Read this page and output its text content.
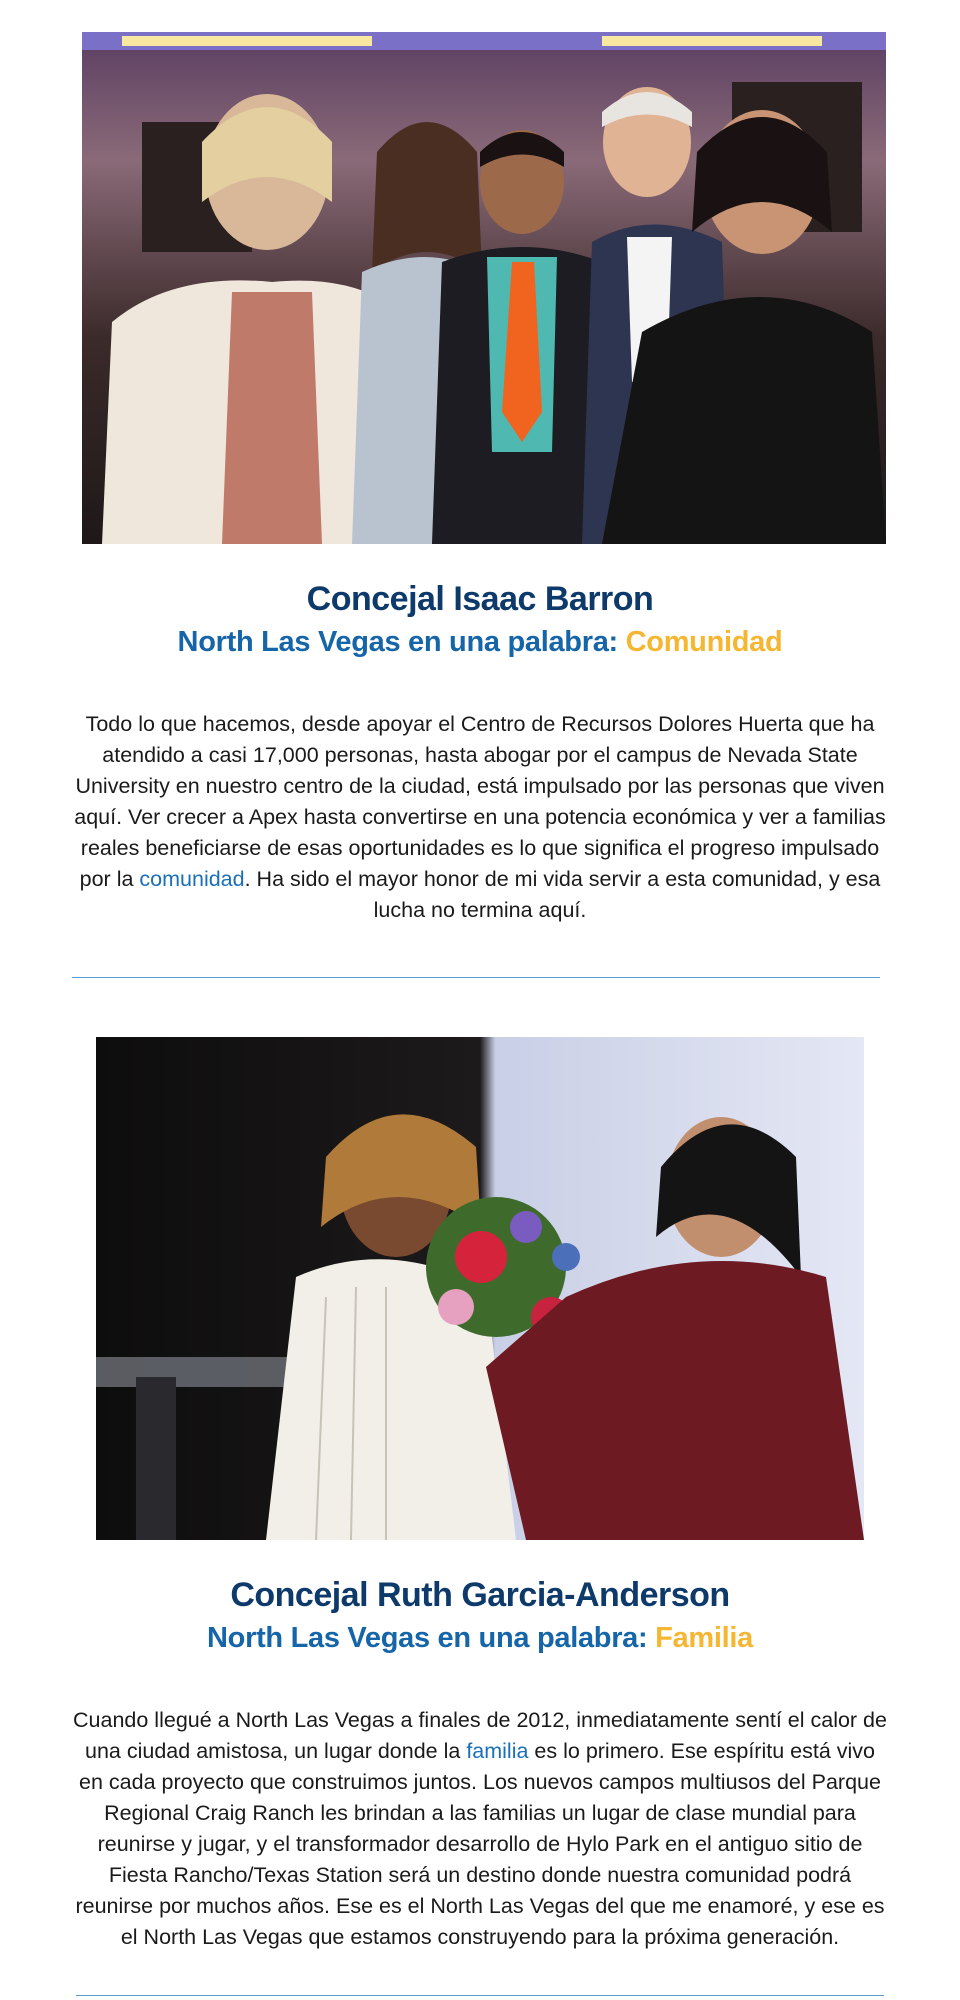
Concejal Isaac Barron
North Las Vegas en una palabra: Comunidad
Todo lo que hacemos, desde apoyar el Centro de Recursos Dolores Huerta que ha atendido a casi 17,000 personas, hasta abogar por el campus de Nevada State University en nuestro centro de la ciudad, está impulsado por las personas que viven aquí. Ver crecer a Apex hasta convertirse en una potencia económica y ver a familias reales beneficiarse de esas oportunidades es lo que significa el progreso impulsado por la comunidad. Ha sido el mayor honor de mi vida servir a esta comunidad, y esa lucha no termina aquí.
Concejal Ruth Garcia-Anderson
North Las Vegas en una palabra: Familia
Cuando llegué a North Las Vegas a finales de 2012, inmediatamente sentí el calor de una ciudad amistosa, un lugar donde la familia es lo primero. Ese espíritu está vivo en cada proyecto que construimos juntos. Los nuevos campos multiusos del Parque Regional Craig Ranch les brindan a las familias un lugar de clase mundial para reunirse y jugar, y el transformador desarrollo de Hylo Park en el antiguo sitio de Fiesta Rancho/Texas Station será un destino donde nuestra comunidad podrá reunirse por muchos años. Ese es el North Las Vegas del que me enamoré, y ese es el North Las Vegas que estamos construyendo para la próxima generación.
